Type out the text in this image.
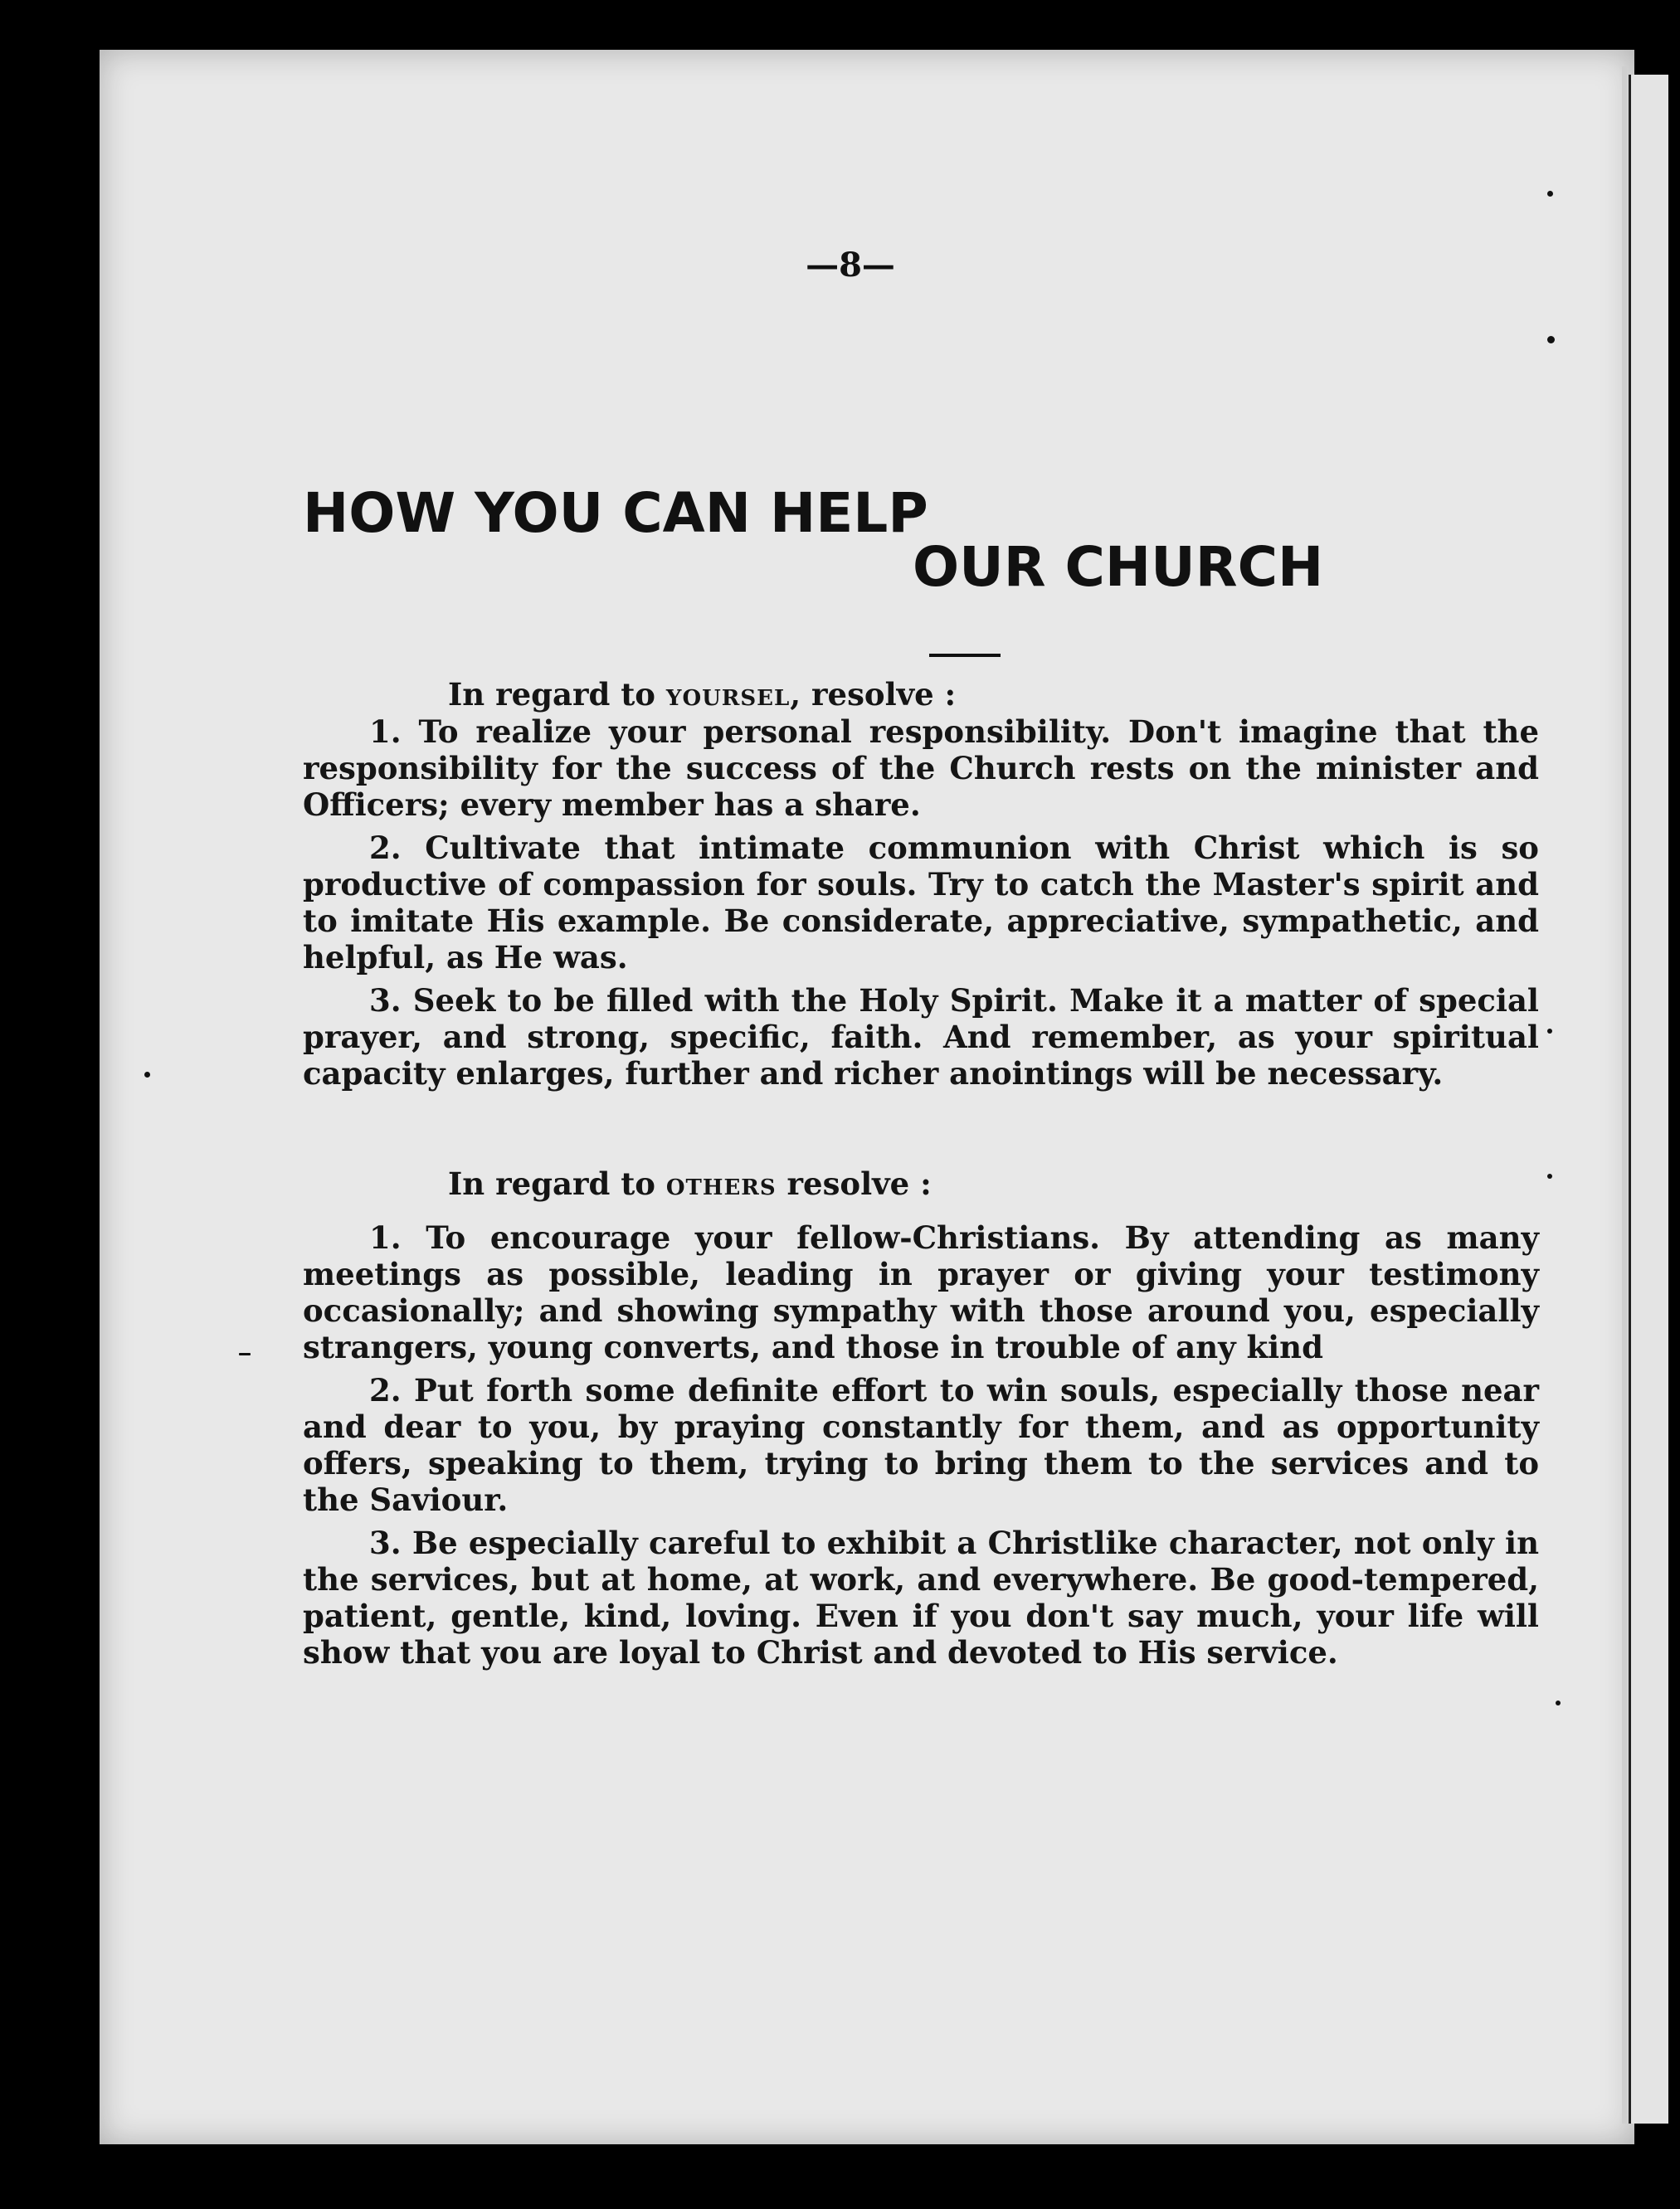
—8—
HOW YOU CAN HELP
OUR CHURCH
In regard to yoursel, resolve :

1. To realize your personal responsibility. Don't imagine that the responsibility for the success of the Church rests on the minister and Officers; every member has a share.

2. Cultivate that intimate communion with Christ which is so productive of compassion for souls. Try to catch the Master's spirit and to imitate His example. Be considerate, appreciative, sympathetic, and helpful, as He was.

3. Seek to be filled with the Holy Spirit. Make it a matter of special prayer, and strong, specific, faith. And remember, as your spiritual capacity enlarges, further and richer anointings will be necessary.

In regard to others resolve :

1. To encourage your fellow-Christians. By attending as many meetings as possible, leading in prayer or giving your testimony occasionally; and showing sympathy with those around you, especially strangers, young converts, and those in trouble of any kind

2. Put forth some definite effort to win souls, especially those near and dear to you, by praying constantly for them, and as opportunity offers, speaking to them, trying to bring them to the services and to the Saviour.

3. Be especially careful to exhibit a Christlike character, not only in the services, but at home, at work, and everywhere. Be good-tempered, patient, gentle, kind, loving. Even if you don't say much, your life will show that you are loyal to Christ and devoted to His service.
